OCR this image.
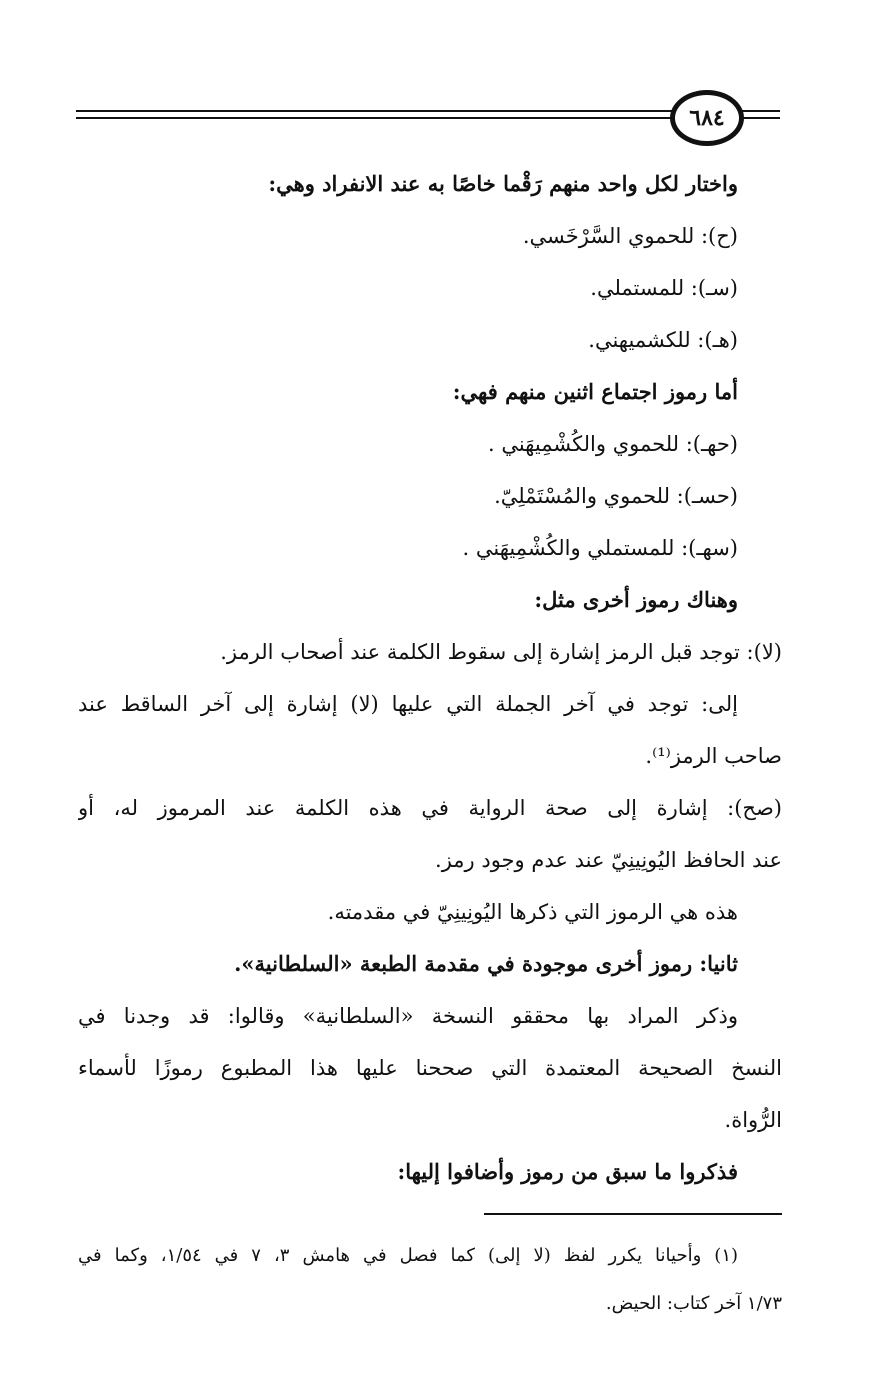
٦٨٤
واختار لكل واحد منهم رَقْما خاصًا به عند الانفراد وهي:
(ح): للحموي السَّرْخَسي.
(سـ): للمستملي.
(هـ): للكشميهني.
أما رموز اجتماع اثنين منهم فهي:
(حهـ): للحموي والكُشْمِيهَني .
(حسـ): للحموي والمُسْتَمْلِيّ.
(سهـ): للمستملي والكُشْمِيهَني .
وهناك رموز أخرى مثل:
(لا): توجد قبل الرمز إشارة إلى سقوط الكلمة عند أصحاب الرمز.
إلى: توجد في آخر الجملة التي عليها (لا) إشارة إلى آخر الساقط عند
صاحب الرمز⁽¹⁾.
(صح): إشارة إلى صحة الرواية في هذه الكلمة عند المرموز له، أو
عند الحافظ اليُونِينِيّ عند عدم وجود رمز.
هذه هي الرموز التي ذكرها اليُونِينِيّ في مقدمته.
ثانيا: رموز أخرى موجودة في مقدمة الطبعة «السلطانية».
وذكر المراد بها محققو النسخة «السلطانية» وقالوا: قد وجدنا في
النسخ الصحيحة المعتمدة التي صححنا عليها هذا المطبوع رموزًا لأسماء
الرُّواة.
فذكروا ما سبق من رموز وأضافوا إليها:
(١) وأحيانا يكرر لفظ (لا إلى) كما فصل في هامش ٣، ٧ في ١/٥٤، وكما في
١/٧٣ آخر كتاب: الحيض.
